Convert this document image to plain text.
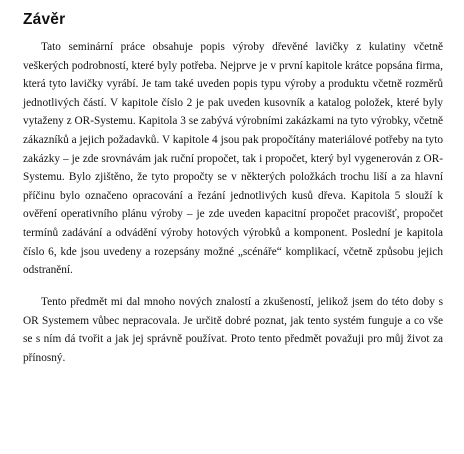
Závěr

Tato seminární práce obsahuje popis výroby dřevěné lavičky z kulatiny včetně veškerých podrobností, které byly potřeba. Nejprve je v první kapitole krátce popsána firma, která tyto lavičky vyrábí. Je tam také uveden popis typu výroby a produktu včetně rozměrů jednotlivých částí. V kapitole číslo 2 je pak uveden kusovník a katalog položek, které byly vytaženy z OR-Systemu. Kapitola 3 se zabývá výrobními zakázkami na tyto výrobky, včetně zákazníků a jejich požadavků. V kapitole 4 jsou pak propočítány materiálové potřeby na tyto zakázky – je zde srovnávám jak ruční propočet, tak i propočet, který byl vygenerován z OR-Systemu. Bylo zjištěno, že tyto propočty se v některých položkách trochu liší a za hlavní příčinu bylo označeno opracování a řezání jednotlivých kusů dřeva. Kapitola 5 slouží k ověření operativního plánu výroby – je zde uveden kapacitní propočet pracovišť, propočet termínů zadávání a odvádění výroby hotových výrobků a komponent. Poslední je kapitola číslo 6, kde jsou uvedeny a rozepsány možné „scénáře“ komplikací, včetně způsobu jejich odstranění.

Tento předmět mi dal mnoho nových znalostí a zkušeností, jelikož jsem do této doby s OR Systemem vůbec nepracovala. Je určitě dobré poznat, jak tento systém funguje a co vše se s ním dá tvořit a jak jej správně používat. Proto tento předmět považuji pro můj život za přínosný.
